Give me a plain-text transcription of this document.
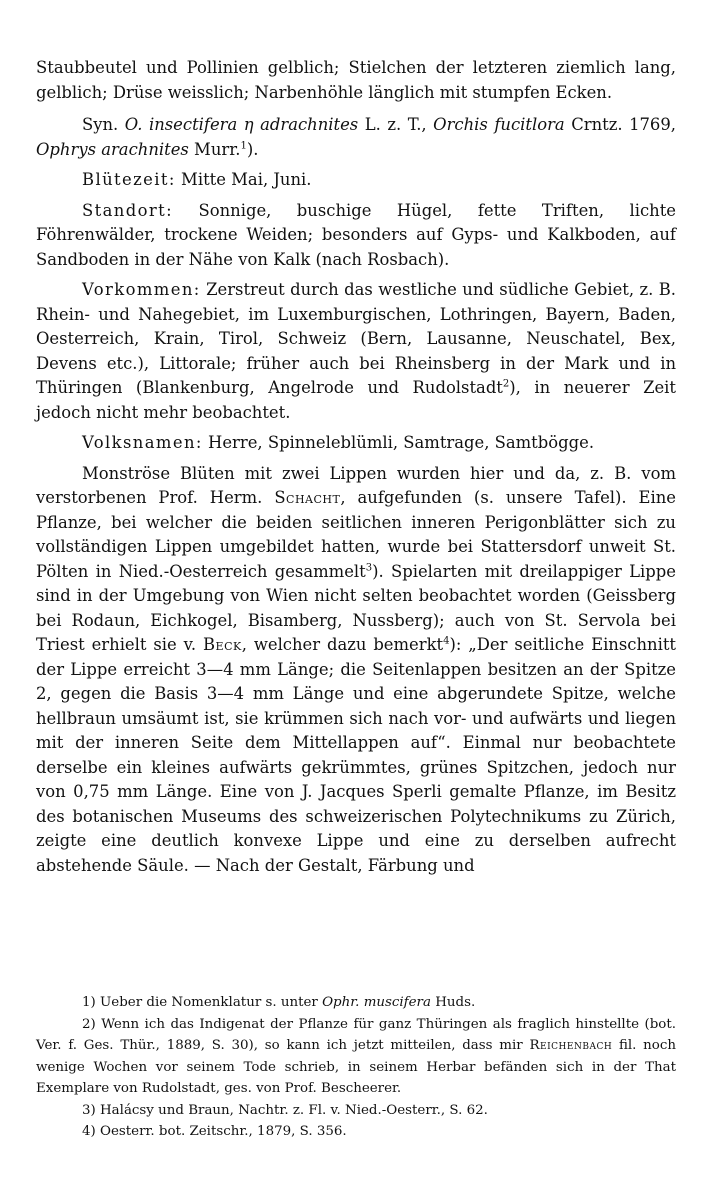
Staubbeutel und Pollinien gelblich; Stielchen der letzteren ziemlich lang, gelblich; Drüse weisslich; Narbenhöhle länglich mit stumpfen Ecken.

Syn. O. insectifera η adrachnites L. z. T., Orchis fucitlora Crntz. 1769, Ophrys arachnites Murr.$^1$).

Blütezeit: Mitte Mai, Juni.

Standort: Sonnige, buschige Hügel, fette Triften, lichte Föhrenwälder, trockene Weiden; besonders auf Gyps- und Kalkboden, auf Sandboden in der Nähe von Kalk (nach Rosbach).

Vorkommen: Zerstreut durch das westliche und südliche Gebiet, z. B. Rhein- und Nahegebiet, im Luxemburgischen, Lothringen, Bayern, Baden, Oesterreich, Krain, Tirol, Schweiz (Bern, Lausanne, Neuschatel, Bex, Devens etc.), Littorale; früher auch bei Rheinsberg in der Mark und in Thüringen (Blankenburg, Angelrode und Rudolstadt$^2$), in neuerer Zeit jedoch nicht mehr beobachtet.

Volksnamen: Herre, Spinneleblümli, Samtrage, Samtbögge.

Monströse Blüten mit zwei Lippen wurden hier und da, z. B. vom verstorbenen Prof. Herm. Schacht, aufgefunden (s. unsere Tafel). Eine Pflanze, bei welcher die beiden seitlichen inneren Perigonblätter sich zu vollständigen Lippen umgebildet hatten, wurde bei Stattersdorf unweit St. Pölten in Nied.-Oesterreich gesammelt$^3$). Spielarten mit dreilappiger Lippe sind in der Umgebung von Wien nicht selten beobachtet worden (Geissberg bei Rodaun, Eichkogel, Bisamberg, Nussberg); auch von St. Servola bei Triest erhielt sie v. Beck, welcher dazu bemerkt$^4$): „Der seitliche Einschnitt der Lippe erreicht 3—4 mm Länge; die Seitenlappen besitzen an der Spitze 2, gegen die Basis 3—4 mm Länge und eine abgerundete Spitze, welche hellbraun umsäumt ist, sie krümmen sich nach vor- und aufwärts und liegen mit der inneren Seite dem Mittellappen auf“. Einmal nur beobachtete derselbe ein kleines aufwärts gekrümmtes, grünes Spitzchen, jedoch nur von 0,75 mm Länge. Eine von J. Jacques Sperli gemalte Pflanze, im Besitz des botanischen Museums des schweizerischen Polytechnikums zu Zürich, zeigte eine deutlich konvexe Lippe und eine zu derselben aufrecht abstehende Säule. — Nach der Gestalt, Färbung und

1) Ueber die Nomenklatur s. unter Ophr. muscifera Huds.

2) Wenn ich das Indigenat der Pflanze für ganz Thüringen als fraglich hinstellte (bot. Ver. f. Ges. Thür., 1889, S. 30), so kann ich jetzt mitteilen, dass mir Reichenbach fil. noch wenige Wochen vor seinem Tode schrieb, in seinem Herbar befänden sich in der That Exemplare von Rudolstadt, ges. von Prof. Bescheerer.

3) Halácsy und Braun, Nachtr. z. Fl. v. Nied.-Oesterr., S. 62.

4) Oesterr. bot. Zeitschr., 1879, S. 356.
